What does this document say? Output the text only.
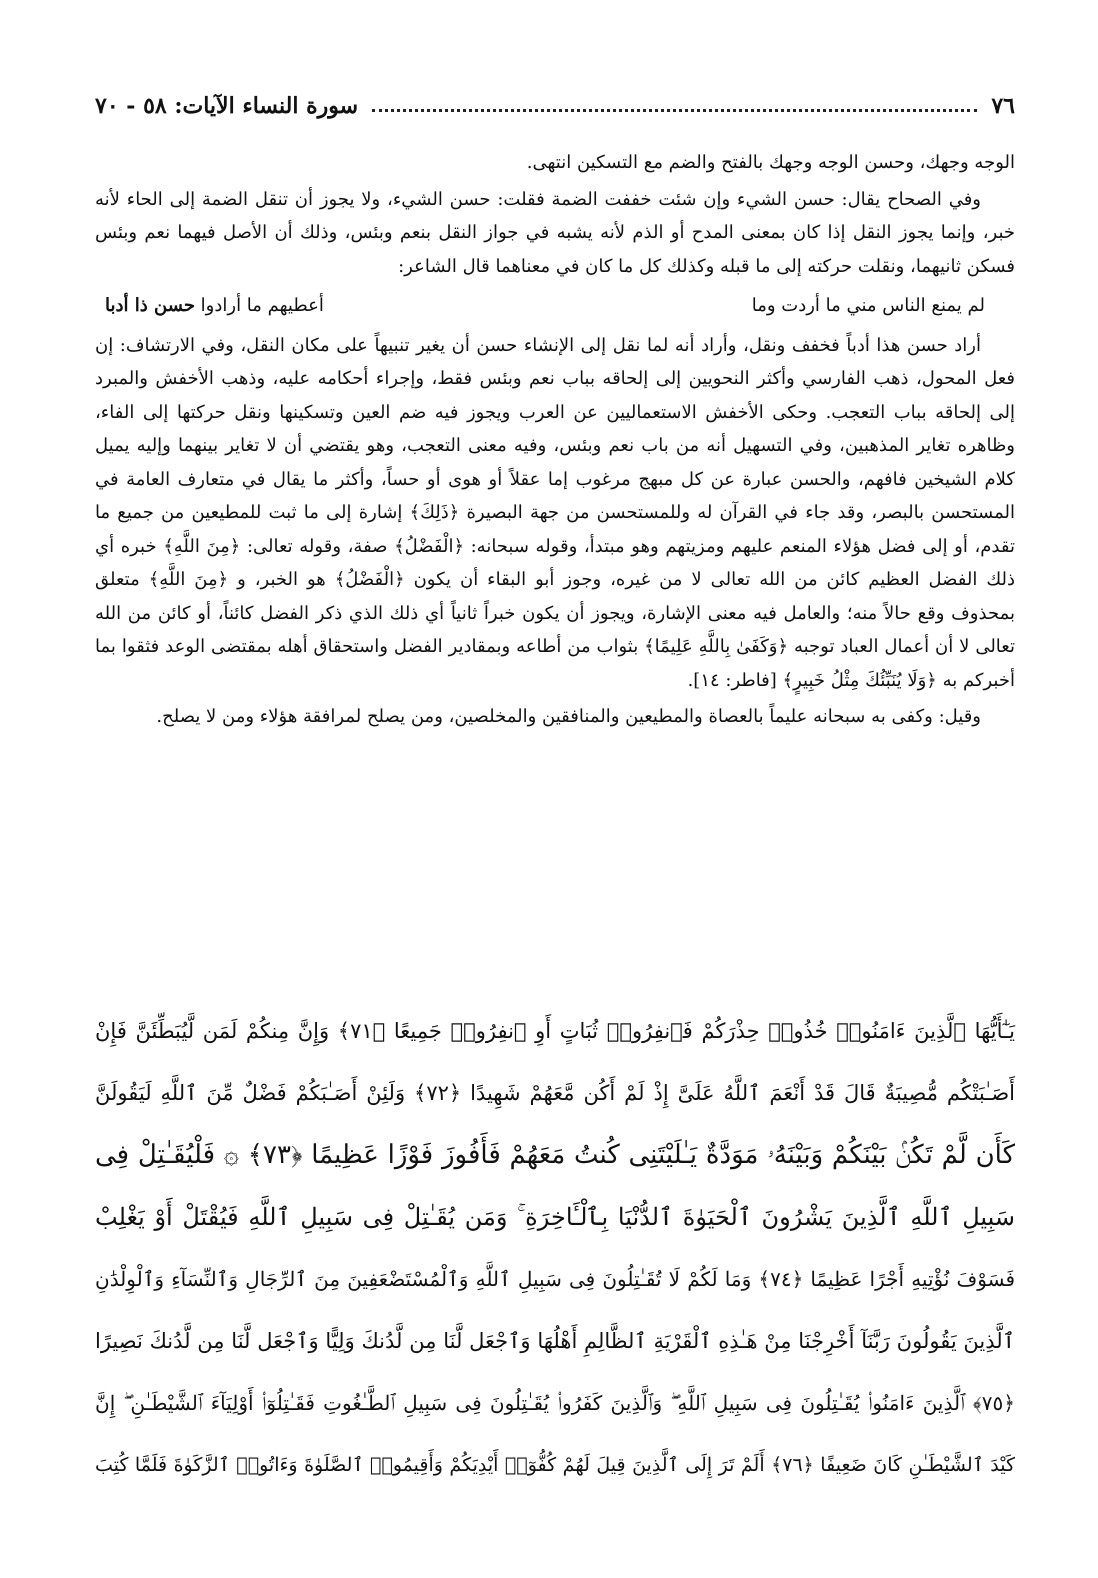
٧٦
سورة النساء الآيات: ٥٨ - ٧٠

الوجه وجهك، وحسن الوجه وجهك بالفتح والضم مع التسكين انتهى.

وفي الصحاح يقال: حسن الشيء وإن شئت خففت الضمة فقلت: حسن الشيء، ولا يجوز أن تنقل الضمة إلى الحاء لأنه خبر، وإنما يجوز النقل إذا كان بمعنى المدح أو الذم لأنه يشبه في جواز النقل بنعم وبئس، وذلك أن الأصل فيهما نعم وبئس فسكن ثانيهما، ونقلت حركته إلى ما قبله وكذلك كل ما كان في معناهما قال الشاعر:

لم يمنع الناس مني ما أردت وما
أعطيهم ما أرادوا حسن ذا أدبا

أراد حسن هذا أدباً فخفف ونقل، وأراد أنه لما نقل إلى الإنشاء حسن أن يغير تنبيهاً على مكان النقل، وفي الارتشاف: إن فعل المحول، ذهب الفارسي وأكثر النحويين إلى إلحاقه بباب نعم وبئس فقط، وإجراء أحكامه عليه، وذهب الأخفش والمبرد إلى إلحاقه بباب التعجب. وحكى الأخفش الاستعماليين عن العرب ويجوز فيه ضم العين وتسكينها ونقل حركتها إلى الفاء، وظاهره تغاير المذهبين، وفي التسهيل أنه من باب نعم وبئس، وفيه معنى التعجب، وهو يقتضي أن لا تغاير بينهما وإليه يميل كلام الشيخين فافهم، والحسن عبارة عن كل مبهج مرغوب إما عقلاً أو هوى أو حساً، وأكثر ما يقال في متعارف العامة في المستحسن بالبصر، وقد جاء في القرآن له وللمستحسن من جهة البصيرة ﴿ذَلِكَ﴾ إشارة إلى ما ثبت للمطيعين من جميع ما تقدم، أو إلى فضل هؤلاء المنعم عليهم ومزيتهم وهو مبتدأ، وقوله سبحانه: ﴿الْفَضْلُ﴾ صفة، وقوله تعالى: ﴿مِنَ اللَّهِ﴾ خبره أي ذلك الفضل العظيم كائن من الله تعالى لا من غيره، وجوز أبو البقاء أن يكون ﴿الْفَضْلُ﴾ هو الخبر، و ﴿مِنَ اللَّهِ﴾ متعلق بمحذوف وقع حالاً منه؛ والعامل فيه معنى الإشارة، ويجوز أن يكون خبراً ثانياً أي ذلك الذي ذكر الفضل كائناً، أو كائن من الله تعالى لا أن أعمال العباد توجبه ﴿وَكَفَىٰ بِاللَّهِ عَلِيمًا﴾ بثواب من أطاعه وبمقادير الفضل واستحقاق أهله بمقتضى الوعد فثقوا بما أخبركم به ﴿وَلَا يُنَبِّئُكَ مِثْلُ خَبِيرٍ﴾ [فاطر: ١٤].

وقيل: وكفى به سبحانه عليماً بالعصاة والمطيعين والمنافقين والمخلصين، ومن يصلح لمرافقة هؤلاء ومن لا يصلح.

يَـٰٓأَيُّهَا ٱلَّذِينَ ءَامَنُوا۟ خُذُوا۟ حِذْرَكُمْ فَٱنفِرُوا۟ ثُبَاتٍ أَوِ ٱنفِرُوا۟ جَمِيعًا ﴿٧١﴾ وَإِنَّ مِنكُمْ لَمَن لَّيُبَطِّئَنَّ فَإِنْ
أَصَـٰبَتْكُم مُّصِيبَةٌ قَالَ قَدْ أَنْعَمَ ٱللَّهُ عَلَىَّ إِذْ لَمْ أَكُن مَّعَهُمْ شَهِيدًا ﴿٧٢﴾ وَلَئِنْ أَصَـٰبَكُمْ فَضْلٌ مِّنَ ٱللَّهِ لَيَقُولَنَّ
كَأَن لَّمْ تَكُنۢ بَيْنَكُمْ وَبَيْنَهُۥ مَوَدَّةٌ يَـٰلَيْتَنِى كُنتُ مَعَهُمْ فَأَفُوزَ فَوْزًا عَظِيمًا ﴿٧٣﴾ ۞ فَلْيُقَـٰتِلْ فِى
سَبِيلِ ٱللَّهِ ٱلَّذِينَ يَشْرُونَ ٱلْحَيَوٰةَ ٱلدُّنْيَا بِٱلْـَٔاخِرَةِ ۚ وَمَن يُقَـٰتِلْ فِى سَبِيلِ ٱللَّهِ فَيُقْتَلْ أَوْ يَغْلِبْ
فَسَوْفَ نُؤْتِيهِ أَجْرًا عَظِيمًا ﴿٧٤﴾ وَمَا لَكُمْ لَا تُقَـٰتِلُونَ فِى سَبِيلِ ٱللَّهِ وَٱلْمُسْتَضْعَفِينَ مِنَ ٱلرِّجَالِ وَٱلنِّسَآءِ وَٱلْوِلْدَٰنِ
ٱلَّذِينَ يَقُولُونَ رَبَّنَآ أَخْرِجْنَا مِنْ هَـٰذِهِ ٱلْقَرْيَةِ ٱلظَّالِمِ أَهْلُهَا وَٱجْعَل لَّنَا مِن لَّدُنكَ وَلِيًّا وَٱجْعَل لَّنَا مِن لَّدُنكَ نَصِيرًا
﴿٧٥﴾ ٱلَّذِينَ ءَامَنُوا۟ يُقَـٰتِلُونَ فِى سَبِيلِ ٱللَّهِ ۖ وَٱلَّذِينَ كَفَرُوا۟ يُقَـٰتِلُونَ فِى سَبِيلِ ٱلطَّـٰغُوتِ فَقَـٰتِلُوٓا۟ أَوْلِيَآءَ ٱلشَّيْطَـٰنِ ۖ إِنَّ
كَيْدَ ٱلشَّيْطَـٰنِ كَانَ ضَعِيفًا ﴿٧٦﴾ أَلَمْ تَرَ إِلَى ٱلَّذِينَ قِيلَ لَهُمْ كُفُّوٓا۟ أَيْدِيَكُمْ وَأَقِيمُوا۟ ٱلصَّلَوٰةَ وَءَاتُوا۟ ٱلزَّكَوٰةَ فَلَمَّا كُتِبَ
